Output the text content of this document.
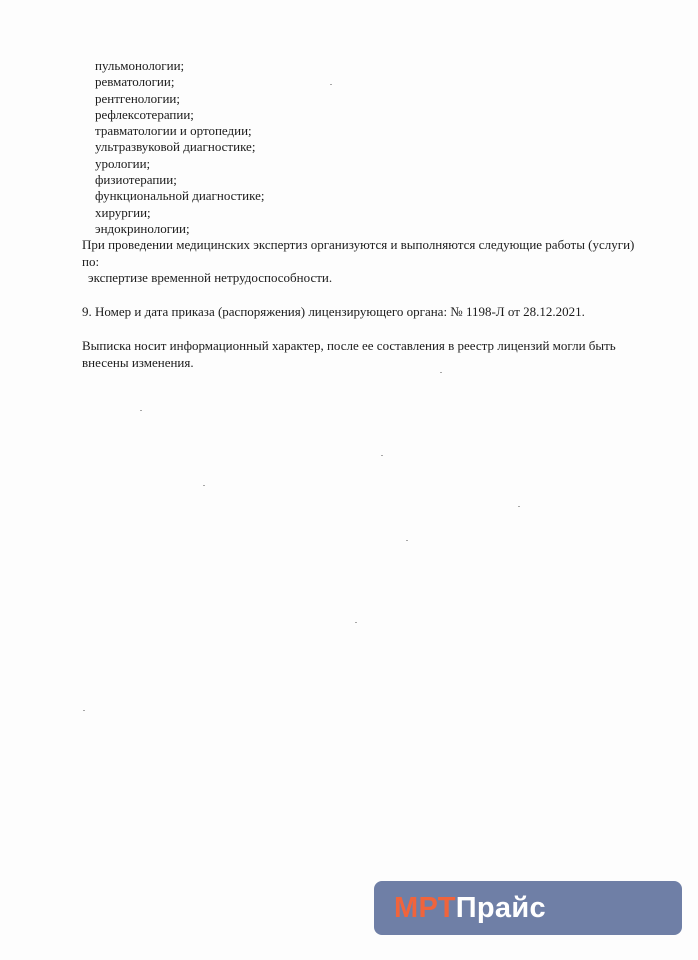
пульмонологии;
ревматологии;
рентгенологии;
рефлексотерапии;
травматологии и ортопедии;
ультразвуковой диагностике;
урологии;
физиотерапии;
функциональной диагностике;
хирургии;
эндокринологии;

При проведении медицинских экспертиз организуются и выполняются следующие работы (услуги) по:
экспертизе временной нетрудоспособности.

9. Номер и дата приказа (распоряжения) лицензирующего органа: № 1198-Л от 28.12.2021.

Выписка носит информационный характер, после ее составления в реестр лицензий могли быть внесены изменения.

МРТ Прайс
